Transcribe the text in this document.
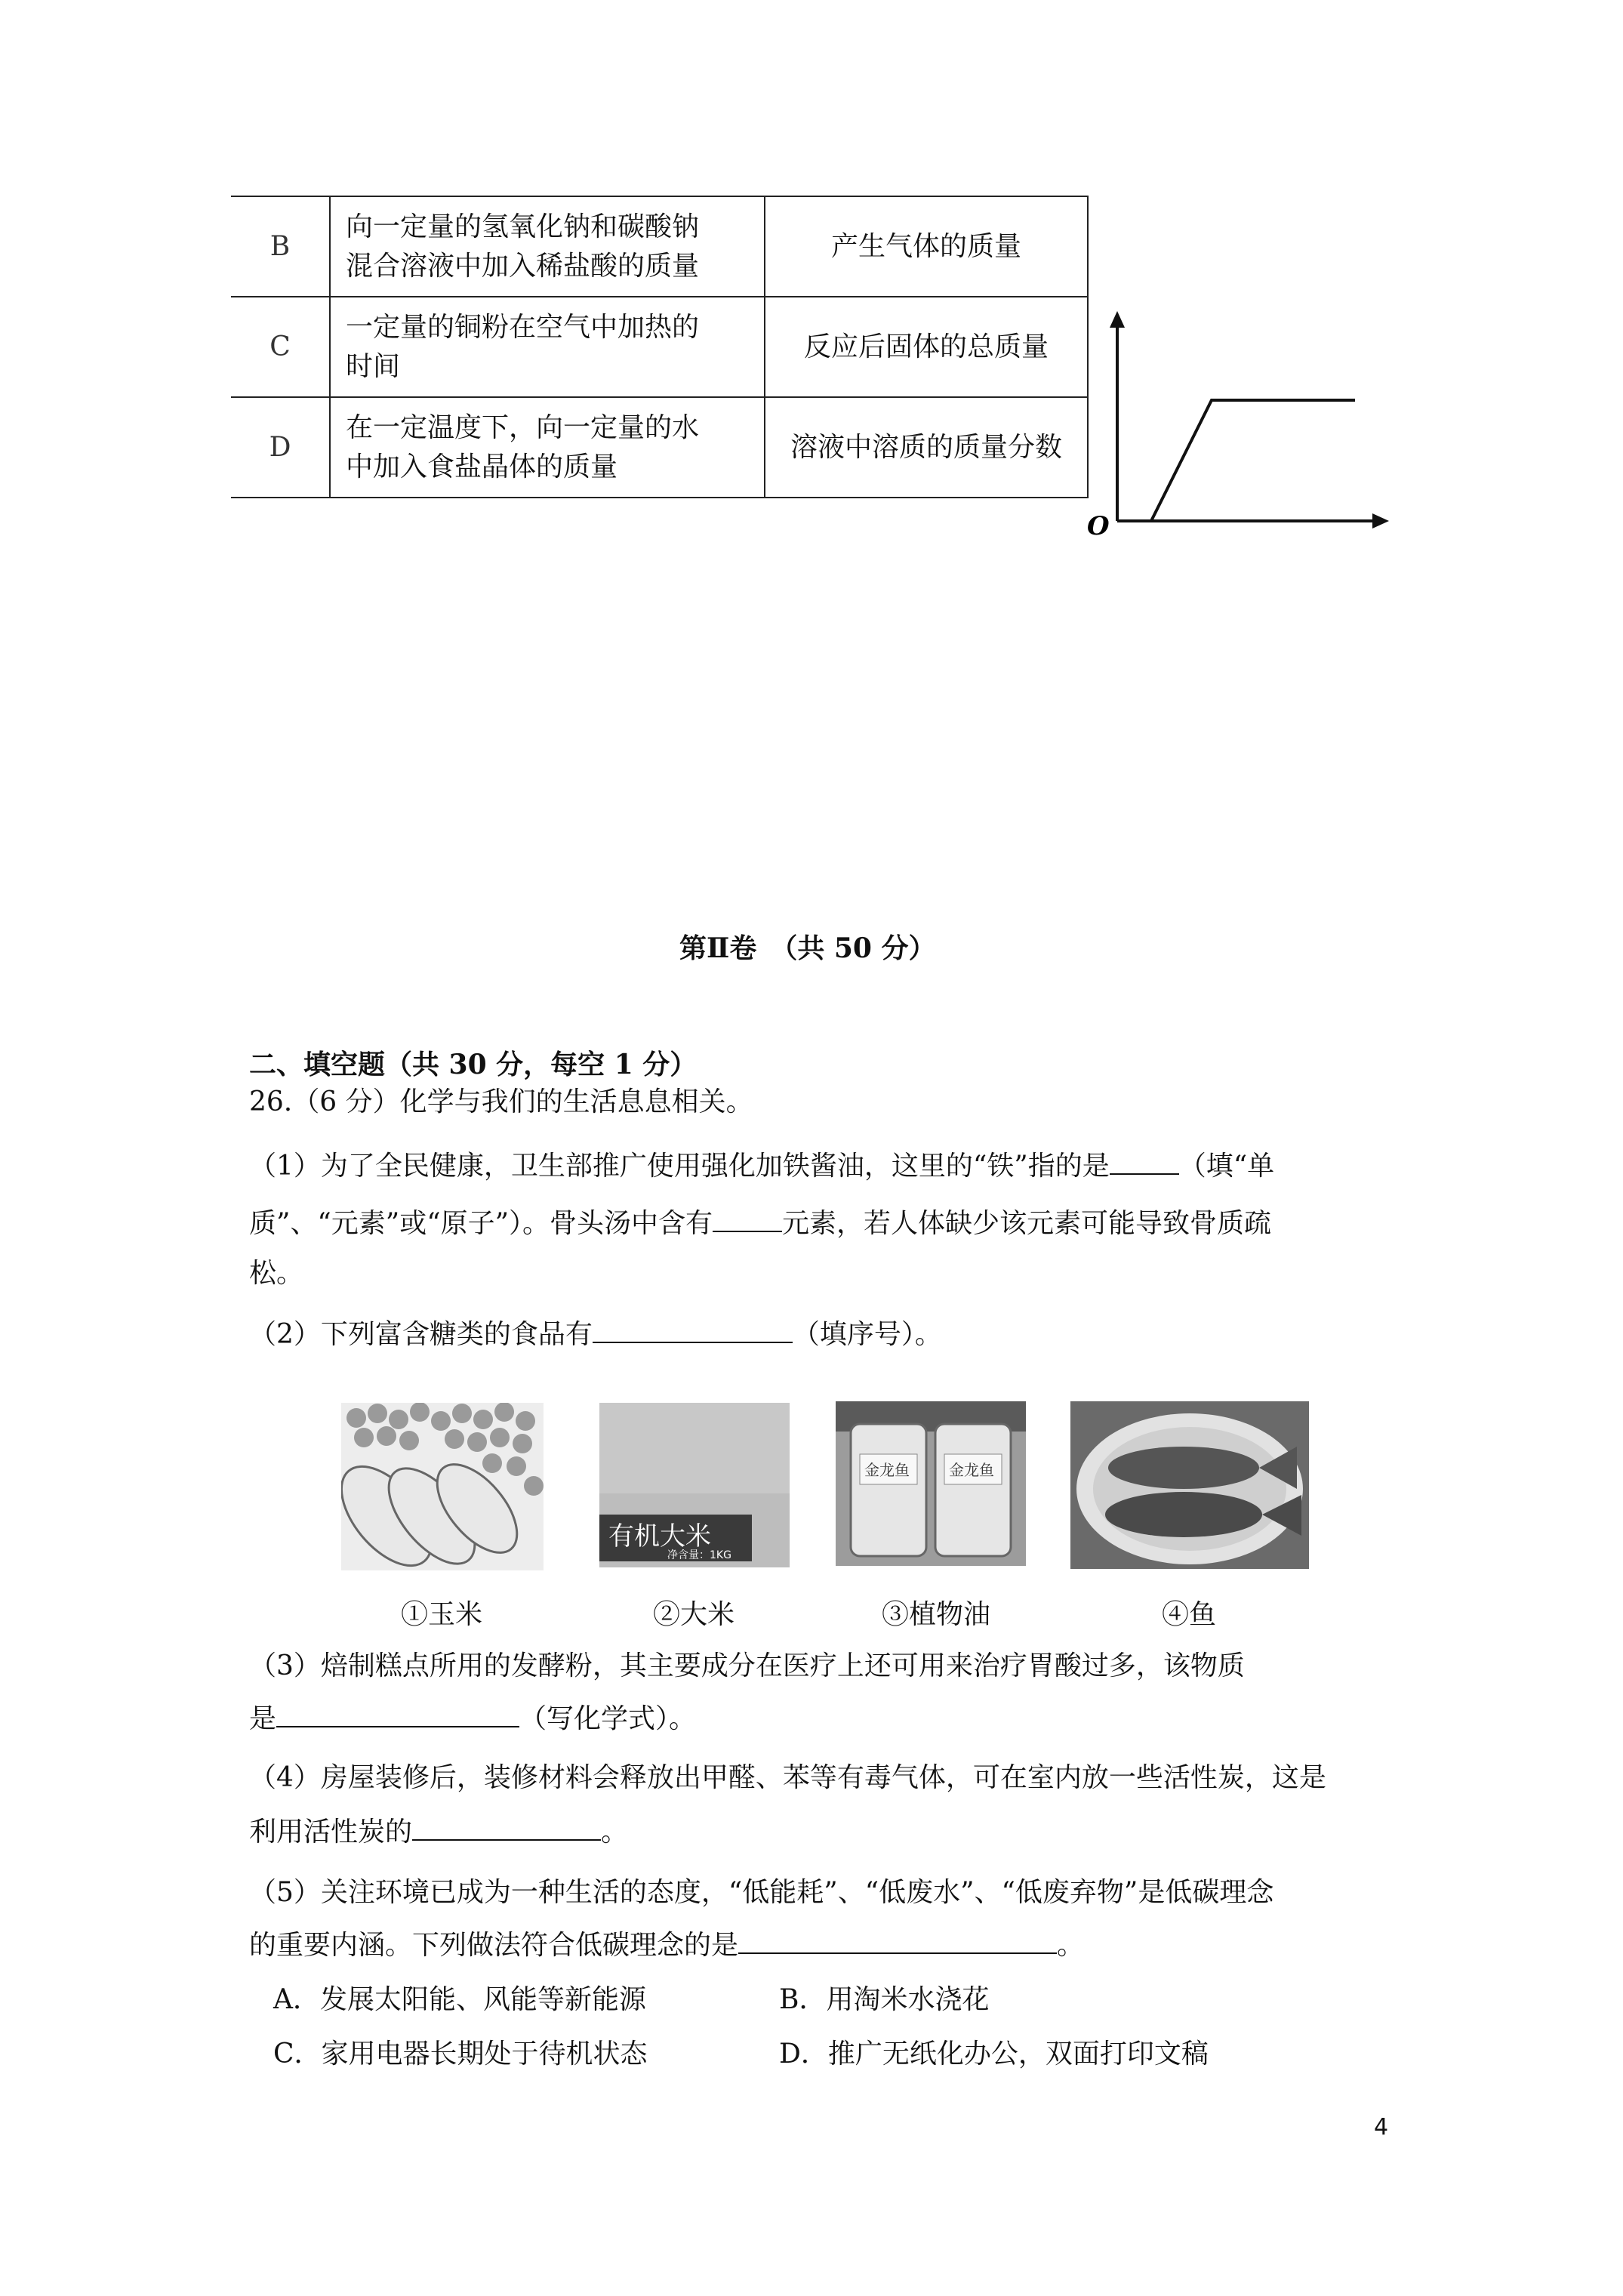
B	向一定量的氢氧化钠和碳酸钠
混合溶液中加入稀盐酸的质量	产生气体的质量
C	一定量的铜粉在空气中加热的
时间	反应后固体的总质量
D	在一定温度下，向一定量的水
中加入食盐晶体的质量	溶液中溶质的质量分数
O
第Ⅱ卷　（共 50 分）
二、填空题（共 30 分，每空 1 分）
26.（6 分）化学与我们的生活息息相关。
（1）为了全民健康，卫生部推广使用强化加铁酱油，这里的“铁”指的是	（填“单
质”、“元素”或“原子”）。骨头汤中含有	元素，若人体缺少该元素可能导致骨质疏
松。
（2）下列富含糖类的食品有	（填序号）。
有机大米
净含量：1KG
金龙鱼	金龙鱼
①玉米	②大米	③植物油	④鱼
（3）焙制糕点所用的发酵粉，其主要成分在医疗上还可用来治疗胃酸过多，该物质
是	（写化学式）。
（4）房屋装修后，装修材料会释放出甲醛、苯等有毒气体，可在室内放一些活性炭，这是
利用活性炭的	。
（5）关注环境已成为一种生活的态度，“低能耗”、“低废水”、“低废弃物”是低碳理念
的重要内涵。下列做法符合低碳理念的是	。
A．发展太阳能、风能等新能源	B．用淘米水浇花
C．家用电器长期处于待机状态	D．推广无纸化办公，双面打印文稿
4
